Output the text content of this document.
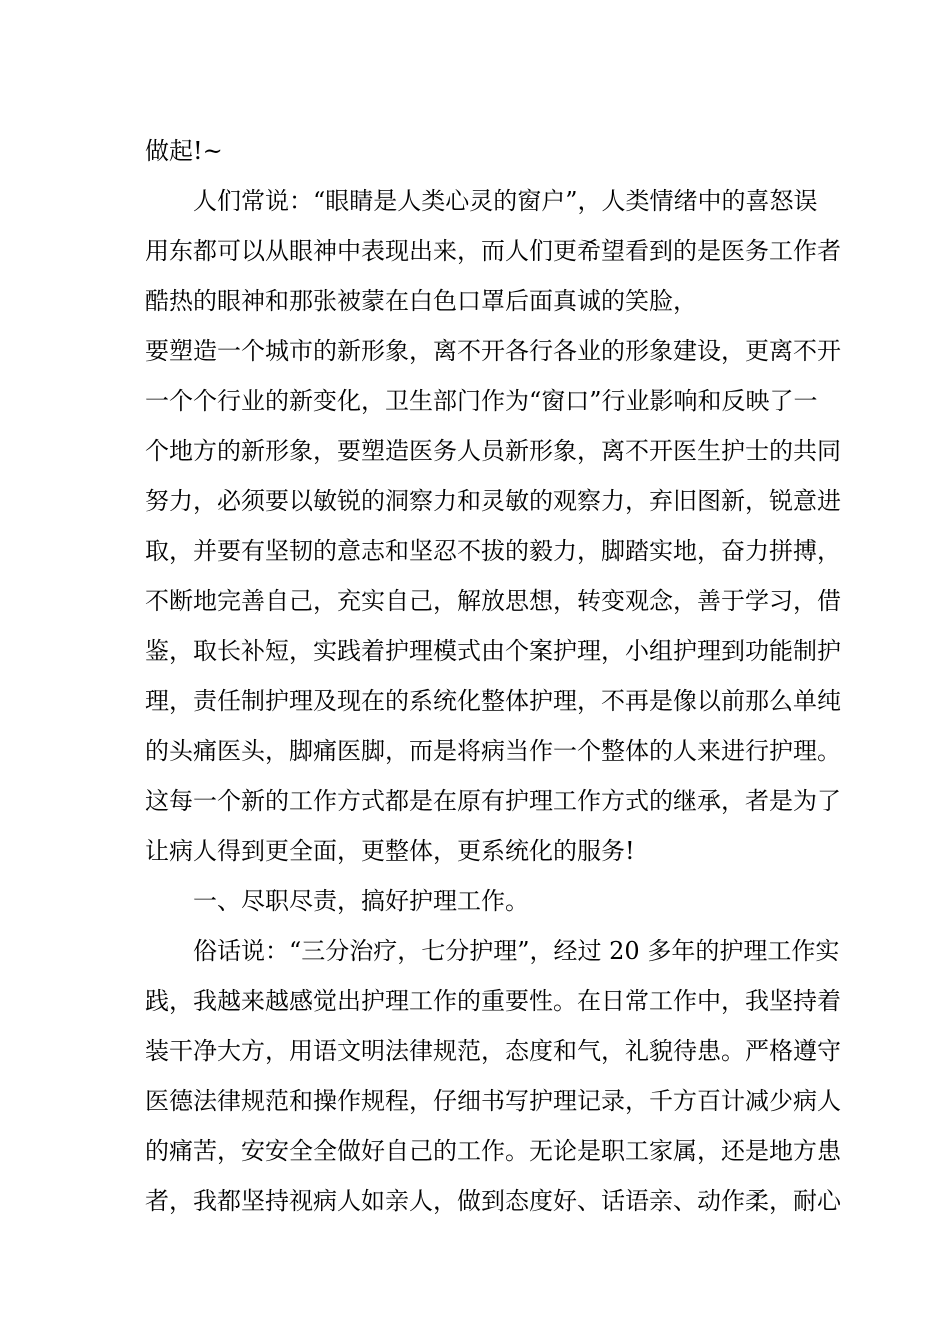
做起!~
　　人们常说：“眼睛是人类心灵的窗户”，人类情绪中的喜怒误
用东都可以从眼神中表现出来，而人们更希望看到的是医务工作者
酷热的眼神和那张被蒙在白色口罩后面真诚的笑脸，
要塑造一个城市的新形象，离不开各行各业的形象建设，更离不开
一个个行业的新变化，卫生部门作为“窗口”行业影响和反映了一
个地方的新形象，要塑造医务人员新形象，离不开医生护士的共同
努力，必须要以敏锐的洞察力和灵敏的观察力，弃旧图新，锐意进
取，并要有坚韧的意志和坚忍不拔的毅力，脚踏实地，奋力拼搏，
不断地完善自己，充实自己，解放思想，转变观念，善于学习，借
鉴，取长补短，实践着护理模式由个案护理，小组护理到功能制护
理，责任制护理及现在的系统化整体护理，不再是像以前那么单纯
的头痛医头，脚痛医脚，而是将病当作一个整体的人来进行护理。
这每一个新的工作方式都是在原有护理工作方式的继承，者是为了
让病人得到更全面，更整体，更系统化的服务!
　　一、尽职尽责，搞好护理工作。
　　俗话说：“三分治疗，七分护理”，经过 20 多年的护理工作实
践，我越来越感觉出护理工作的重要性。在日常工作中，我坚持着
装干净大方，用语文明法律规范，态度和气，礼貌待患。严格遵守
医德法律规范和操作规程，仔细书写护理记录，千方百计减少病人
的痛苦，安安全全做好自己的工作。无论是职工家属，还是地方患
者，我都坚持视病人如亲人，做到态度好、话语亲、动作柔，耐心
